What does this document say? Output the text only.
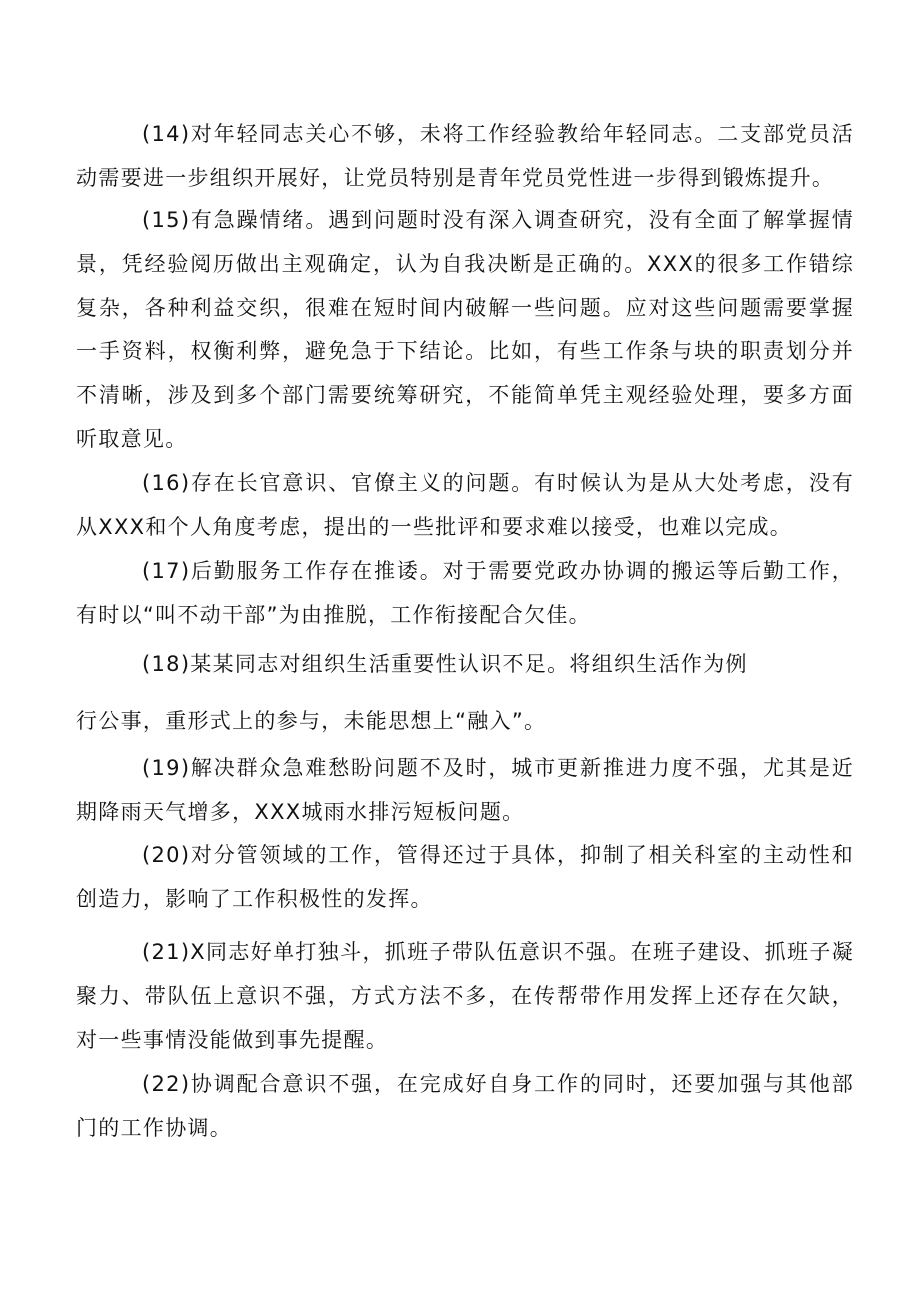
(14)对年轻同志关心不够，未将工作经验教给年轻同志。二支部党员活动需要进一步组织开展好，让党员特别是青年党员党性进一步得到锻炼提升。

(15)有急躁情绪。遇到问题时没有深入调查研究，没有全面了解掌握情景，凭经验阅历做出主观确定，认为自我决断是正确的。XXX的很多工作错综复杂，各种利益交织，很难在短时间内破解一些问题。应对这些问题需要掌握一手资料，权衡利弊，避免急于下结论。比如，有些工作条与块的职责划分并不清晰，涉及到多个部门需要统筹研究，不能简单凭主观经验处理，要多方面听取意见。

(16)存在长官意识、官僚主义的问题。有时候认为是从大处考虑，没有从XXX和个人角度考虑，提出的一些批评和要求难以接受，也难以完成。

(17)后勤服务工作存在推诿。对于需要党政办协调的搬运等后勤工作，有时以“叫不动干部”为由推脱，工作衔接配合欠佳。

(18)某某同志对组织生活重要性认识不足。将组织生活作为例

行公事，重形式上的参与，未能思想上“融入”。

(19)解决群众急难愁盼问题不及时，城市更新推进力度不强，尤其是近期降雨天气增多，XXX城雨水排污短板问题。

(20)对分管领域的工作，管得还过于具体，抑制了相关科室的主动性和创造力，影响了工作积极性的发挥。

(21)X同志好单打独斗，抓班子带队伍意识不强。在班子建设、抓班子凝聚力、带队伍上意识不强，方式方法不多，在传帮带作用发挥上还存在欠缺，对一些事情没能做到事先提醒。

(22)协调配合意识不强，在完成好自身工作的同时，还要加强与其他部门的工作协调。
